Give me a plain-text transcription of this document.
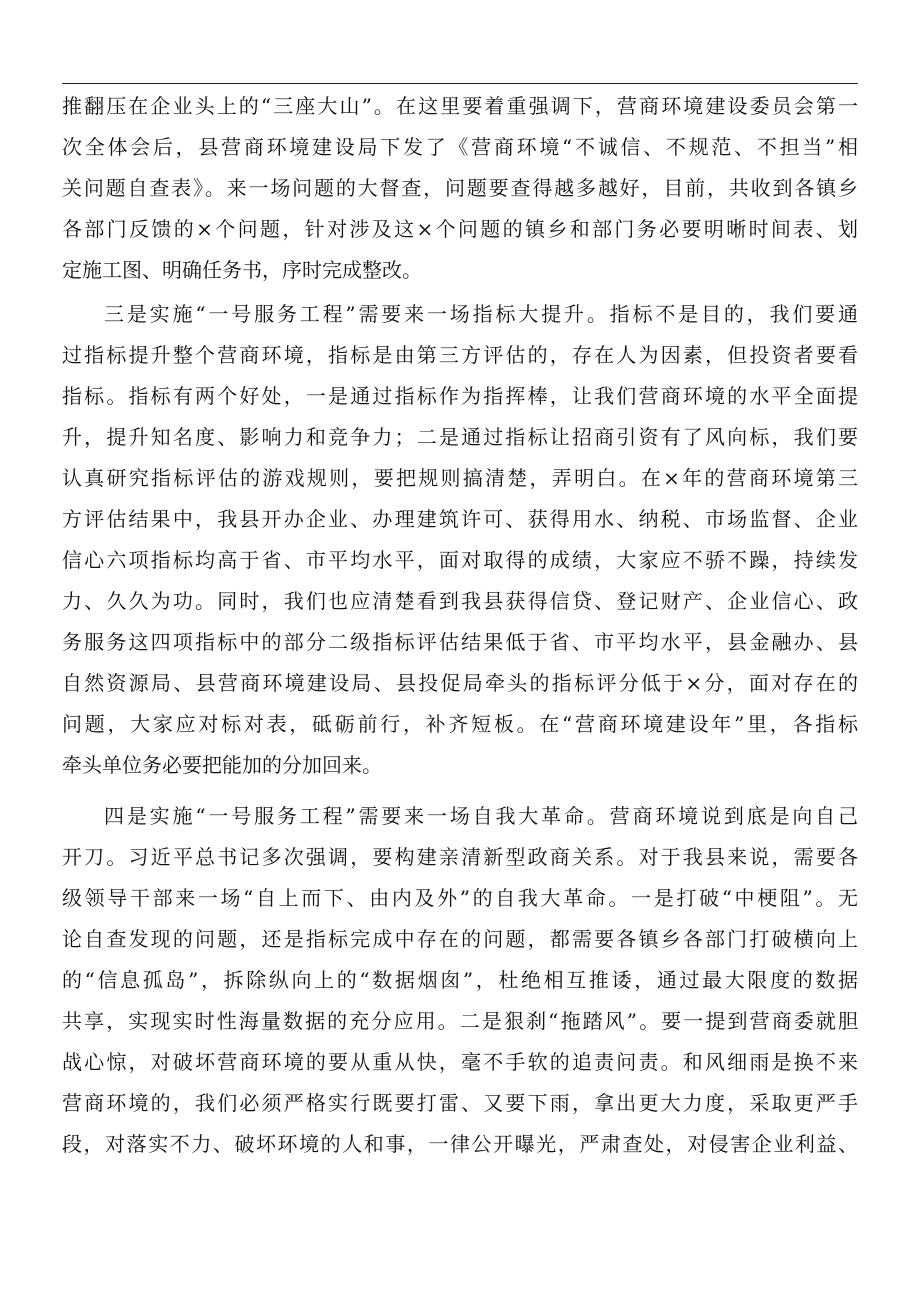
推翻压在企业头上的“三座大山”。在这里要着重强调下，营商环境建设委员会第一
次全体会后，县营商环境建设局下发了《营商环境“不诚信、不规范、不担当”相
关问题自查表》。来一场问题的大督查，问题要查得越多越好，目前，共收到各镇乡
各部门反馈的×个问题，针对涉及这×个问题的镇乡和部门务必要明晰时间表、划
定施工图、明确任务书，序时完成整改。
三是实施“一号服务工程”需要来一场指标大提升。指标不是目的，我们要通
过指标提升整个营商环境，指标是由第三方评估的，存在人为因素，但投资者要看
指标。指标有两个好处，一是通过指标作为指挥棒，让我们营商环境的水平全面提
升，提升知名度、影响力和竞争力；二是通过指标让招商引资有了风向标，我们要
认真研究指标评估的游戏规则，要把规则搞清楚，弄明白。在×年的营商环境第三
方评估结果中，我县开办企业、办理建筑许可、获得用水、纳税、市场监督、企业
信心六项指标均高于省、市平均水平，面对取得的成绩，大家应不骄不躁，持续发
力、久久为功。同时，我们也应清楚看到我县获得信贷、登记财产、企业信心、政
务服务这四项指标中的部分二级指标评估结果低于省、市平均水平，县金融办、县
自然资源局、县营商环境建设局、县投促局牵头的指标评分低于×分，面对存在的
问题，大家应对标对表，砥砺前行，补齐短板。在“营商环境建设年”里，各指标
牵头单位务必要把能加的分加回来。
四是实施“一号服务工程”需要来一场自我大革命。营商环境说到底是向自己
开刀。习近平总书记多次强调，要构建亲清新型政商关系。对于我县来说，需要各
级领导干部来一场“自上而下、由内及外”的自我大革命。一是打破“中梗阻”。无
论自查发现的问题，还是指标完成中存在的问题，都需要各镇乡各部门打破横向上
的“信息孤岛”，拆除纵向上的“数据烟囱”，杜绝相互推诿，通过最大限度的数据
共享，实现实时性海量数据的充分应用。二是狠刹“拖踏风”。要一提到营商委就胆
战心惊，对破坏营商环境的要从重从快，毫不手软的追责问责。和风细雨是换不来
营商环境的，我们必须严格实行既要打雷、又要下雨，拿出更大力度，采取更严手
段，对落实不力、破坏环境的人和事，一律公开曝光，严肃查处，对侵害企业利益、
